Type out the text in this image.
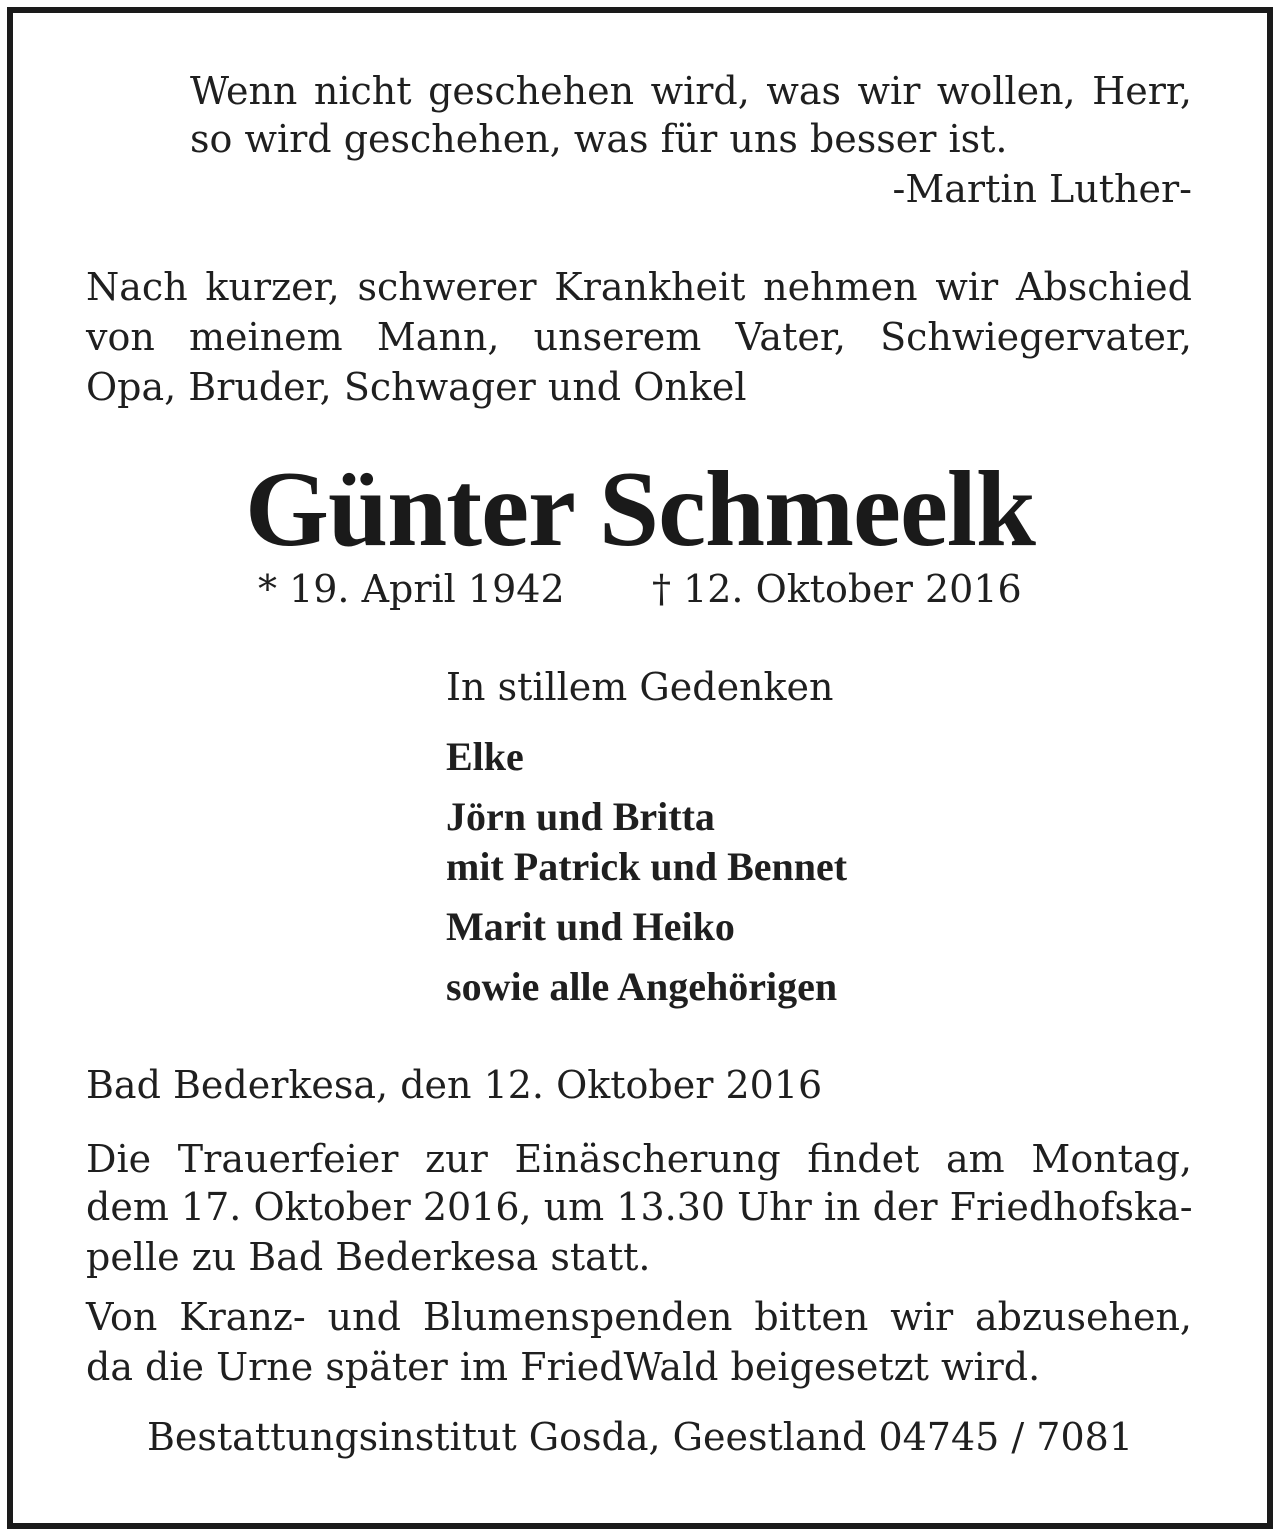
Wenn nicht geschehen wird, was wir wollen, Herr,
so wird geschehen, was für uns besser ist.
-Martin Luther-
Nach kurzer, schwerer Krankheit nehmen wir Abschied
von meinem Mann, unserem Vater, Schwiegervater,
Opa, Bruder, Schwager und Onkel
Günter Schmeelk
* 19. April 1942 † 12. Oktober 2016
In stillem Gedenken
Elke
Jörn und Britta
mit Patrick und Bennet
Marit und Heiko
sowie alle Angehörigen
Bad Bederkesa, den 12. Oktober 2016
Die Trauerfeier zur Einäscherung findet am Montag,
dem 17. Oktober 2016, um 13.30 Uhr in der Friedhofska-
pelle zu Bad Bederkesa statt.
Von Kranz- und Blumenspenden bitten wir abzusehen,
da die Urne später im FriedWald beigesetzt wird.
Bestattungsinstitut Gosda, Geestland 04745 / 7081
